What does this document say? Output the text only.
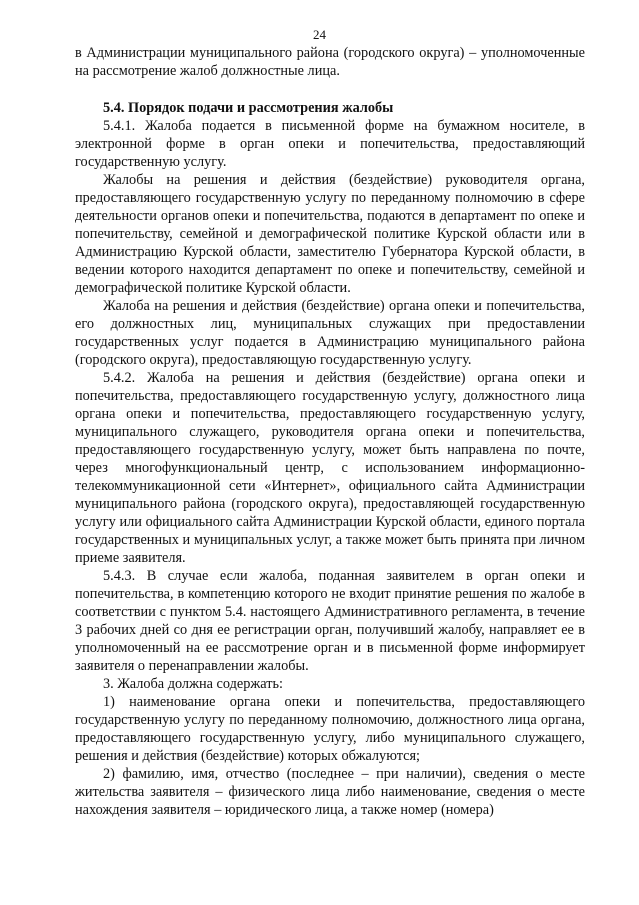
24

в Администрации муниципального района (городского округа) – уполномоченные на рассмотрение жалоб должностные лица.

5.4. Порядок подачи и рассмотрения жалобы

5.4.1. Жалоба подается в письменной форме на бумажном носителе, в электронной форме в орган опеки и попечительства, предоставляющий государственную услугу.

Жалобы на решения и действия (бездействие) руководителя органа, предоставляющего государственную услугу по переданному полномочию в сфере деятельности органов опеки и попечительства, подаются в департамент по опеке и попечительству, семейной и демографической политике Курской области или в Администрацию Курской области, заместителю Губернатора Курской области, в ведении которого находится департамент по опеке и попечительству, семейной и демографической политике Курской области.

Жалоба на решения и действия (бездействие) органа опеки и попечительства, его должностных лиц, муниципальных служащих при предоставлении государственных услуг подается в Администрацию муниципального района (городского округа), предоставляющую государственную услугу.

5.4.2. Жалоба на решения и действия (бездействие) органа опеки и попечительства, предоставляющего государственную услугу, должностного лица органа опеки и попечительства, предоставляющего государственную услугу, муниципального служащего, руководителя органа опеки и попечительства, предоставляющего государственную услугу, может быть направлена по почте, через многофункциональный центр, с использованием информационно-телекоммуникационной сети «Интернет», официального сайта Администрации муниципального района (городского округа), предоставляющей государственную услугу или официального сайта Администрации Курской области, единого портала государственных и муниципальных услуг, а также может быть принята при личном приеме заявителя.

5.4.3. В случае если жалоба, поданная заявителем в орган опеки и попечительства, в компетенцию которого не входит принятие решения по жалобе в соответствии с пунктом 5.4. настоящего Административного регламента, в течение 3 рабочих дней со дня ее регистрации орган, получивший жалобу, направляет ее в уполномоченный на ее рассмотрение орган и в письменной форме информирует заявителя о перенаправлении жалобы.

3. Жалоба должна содержать:

1) наименование органа опеки и попечительства, предоставляющего государственную услугу по переданному полномочию, должностного лица органа, предоставляющего государственную услугу, либо муниципального служащего, решения и действия (бездействие) которых обжалуются;

2) фамилию, имя, отчество (последнее – при наличии), сведения о месте жительства заявителя – физического лица либо наименование, сведения о месте нахождения заявителя – юридического лица, а также номер (номера)
